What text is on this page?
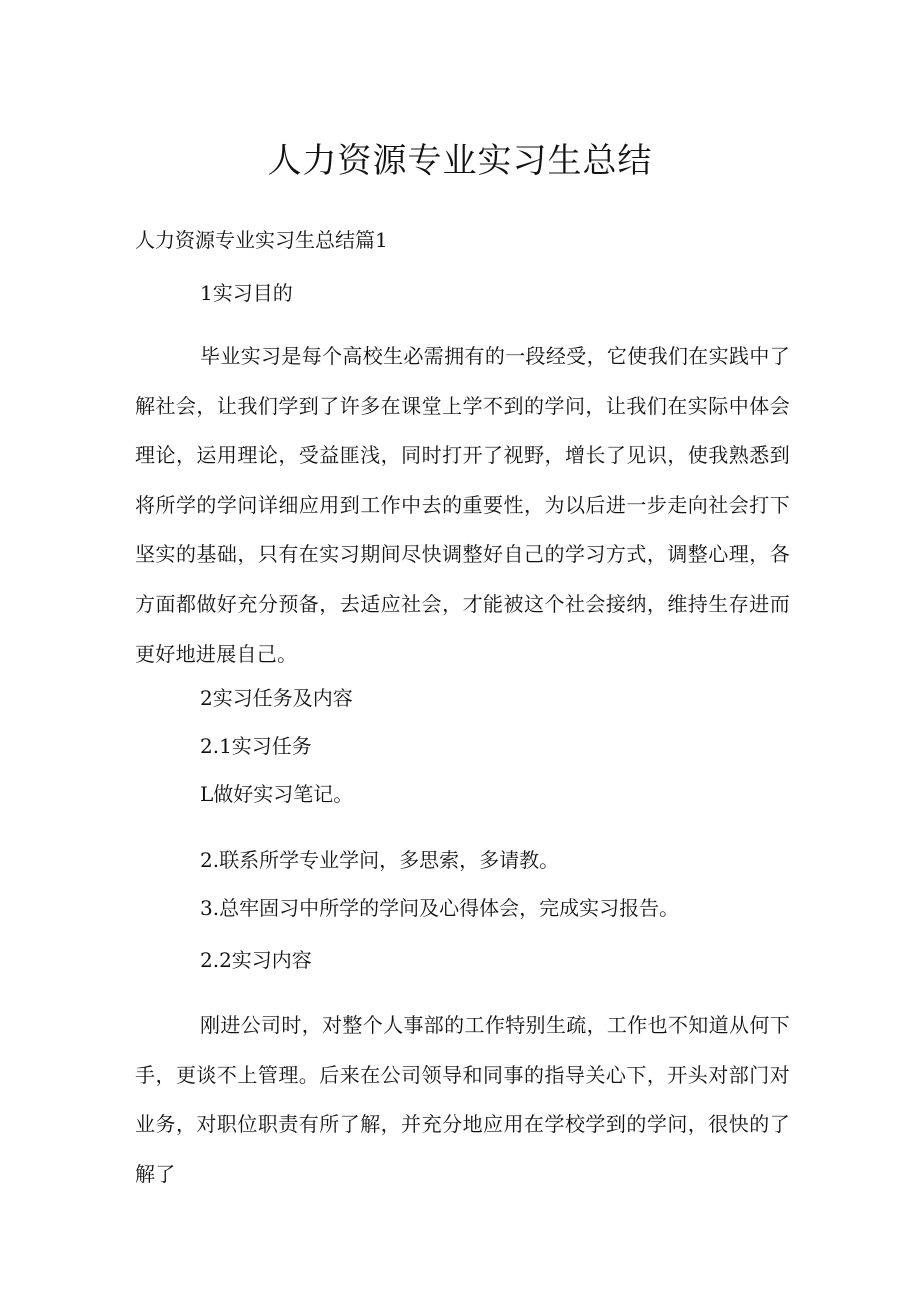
人力资源专业实习生总结

人力资源专业实习生总结篇1

1实习目的

毕业实习是每个高校生必需拥有的一段经受，它使我们在实践中了解社会，让我们学到了许多在课堂上学不到的学问，让我们在实际中体会理论，运用理论，受益匪浅，同时打开了视野，增长了见识，使我熟悉到将所学的学问详细应用到工作中去的重要性，为以后进一步走向社会打下坚实的基础，只有在实习期间尽快调整好自己的学习方式，调整心理，各方面都做好充分预备，去适应社会，才能被这个社会接纳，维持生存进而更好地进展自己。

2实习任务及内容

2.1实习任务

L做好实习笔记。

2.联系所学专业学问，多思索，多请教。

3.总牢固习中所学的学问及心得体会，完成实习报告。

2.2实习内容

刚进公司时，对整个人事部的工作特别生疏，工作也不知道从何下手，更谈不上管理。后来在公司领导和同事的指导关心下，开头对部门对业务，对职位职责有所了解，并充分地应用在学校学到的学问，很快的了解了
